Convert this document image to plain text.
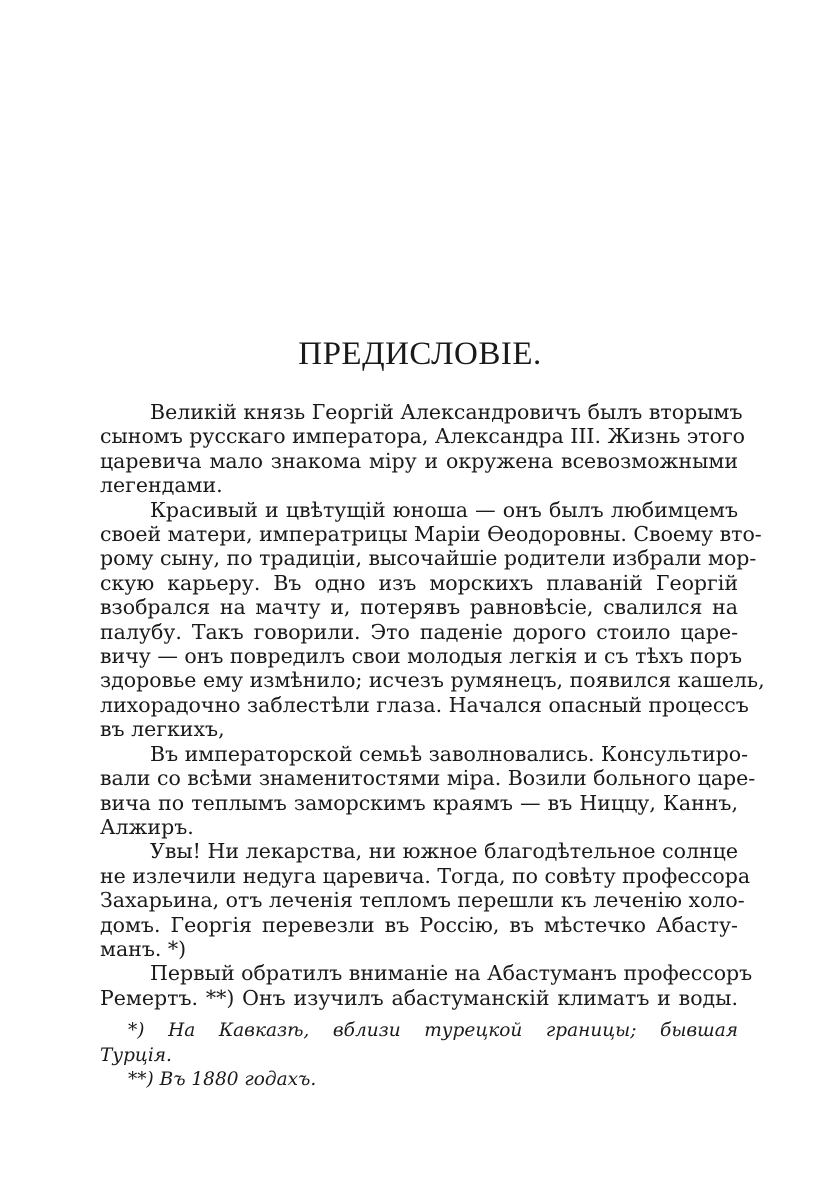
ПРЕДИСЛОВІЕ.

Великій князь Георгій Александровичъ былъ вторымъ
сыномъ русскаго императора, Александра III. Жизнь этого
царевича мало знакома міру и окружена всевозможными
легендами.

Красивый и цвѣтущій юноша — онъ былъ любимцемъ
своей матери, императрицы Маріи Ѳеодоровны. Своему вто-
рому сыну, по традиціи, высочайшіе родители избрали мор-
скую карьеру. Въ одно изъ морскихъ плаваній Георгій
взобрался на мачту и, потерявъ равновѣсіе, свалился на
палубу. Такъ говорили. Это паденіе дорого стоило царе-
вичу — онъ повредилъ свои молодыя легкія и съ тѣхъ поръ
здоровье ему измѣнило; исчезъ румянецъ, появился кашель,
лихорадочно заблестѣли глаза. Начался опасный процессъ
въ легкихъ,

Въ императорской семьѣ заволновались. Консультиро-
вали со всѣми знаменитостями міра. Возили больного царе-
вича по теплымъ заморскимъ краямъ — въ Ниццу, Каннъ,
Алжиръ.

Увы! Ни лекарства, ни южное благодѣтельное солнце
не излечили недуга царевича. Тогда, по совѣту профессора
Захарьина, отъ леченія тепломъ перешли къ леченію холо-
домъ. Георгія перевезли въ Россію, въ мѣстечко Абасту-
манъ. *)

Первый обратилъ вниманіе на Абастуманъ профессоръ
Ремертъ. **) Онъ изучилъ абастуманскій климатъ и воды.

*) На Кавказѣ, вблизи турецкой границы; бывшая
Турція.
**) Въ 1880 годахъ.
